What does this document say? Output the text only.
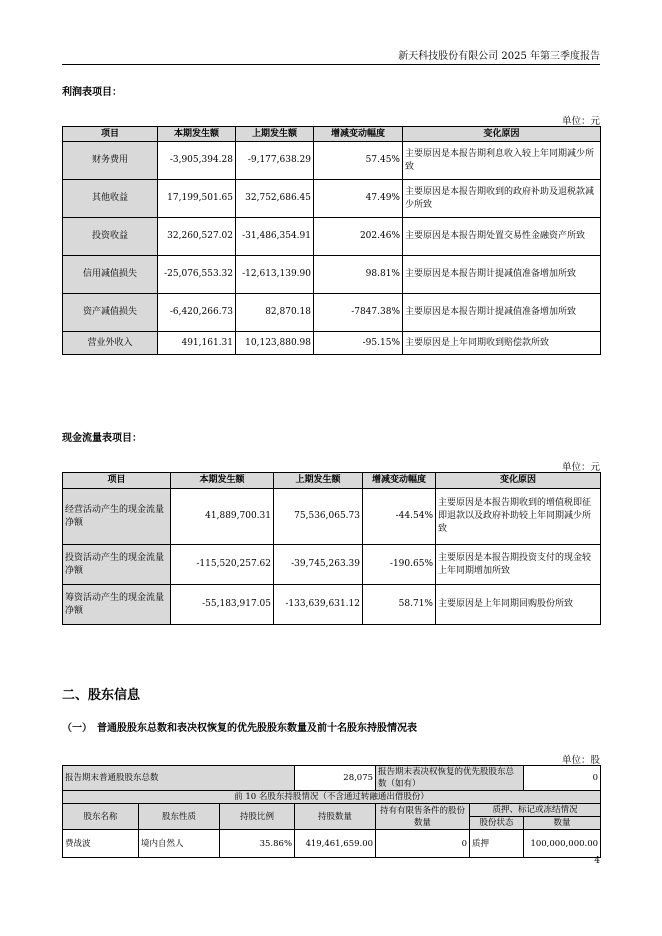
新天科技股份有限公司 2025 年第三季度报告
利润表项目：
单位：元
项目	本期发生额	上期发生额	增减变动幅度	变化原因
财务费用	-3,905,394.28	-9,177,638.29	57.45%	主要原因是本报告期利息收入较上年同期减少所致
其他收益	17,199,501.65	32,752,686.45	47.49%	主要原因是本报告期收到的政府补助及退税款减少所致
投资收益	32,260,527.02	-31,486,354.91	202.46%	主要原因是本报告期处置交易性金融资产所致
信用减值损失	-25,076,553.32	-12,613,139.90	98.81%	主要原因是本报告期计提减值准备增加所致
资产减值损失	-6,420,266.73	82,870.18	-7847.38%	主要原因是本报告期计提减值准备增加所致
营业外收入	491,161.31	10,123,880.98	-95.15%	主要原因是上年同期收到赔偿款所致
现金流量表项目：
单位：元
项目	本期发生额	上期发生额	增减变动幅度	变化原因
经营活动产生的现金流量净额	41,889,700.31	75,536,065.73	-44.54%	主要原因是本报告期收到的增值税即征即退款以及政府补助较上年同期减少所致
投资活动产生的现金流量净额	-115,520,257.62	-39,745,263.39	-190.65%	主要原因是本报告期投资支付的现金较上年同期增加所致
筹资活动产生的现金流量净额	-55,183,917.05	-133,639,631.12	58.71%	主要原因是上年同期回购股份所致
二、股东信息
（一）　普通股股东总数和表决权恢复的优先股股东数量及前十名股东持股情况表
单位：股
报告期末普通股股东总数			28,075	报告期末表决权恢复的优先股股东总数（如有）		0
前 10 名股东持股情况（不含通过转融通出借股份）						
股东名称	股东性质	持股比例	持股数量	持有有限售条件的股份数量	质押、标记或冻结情况	
					股份状态	数量
费战波	境内自然人	35.86%	419,461,659.00	0	质押	100,000,000.00
4
